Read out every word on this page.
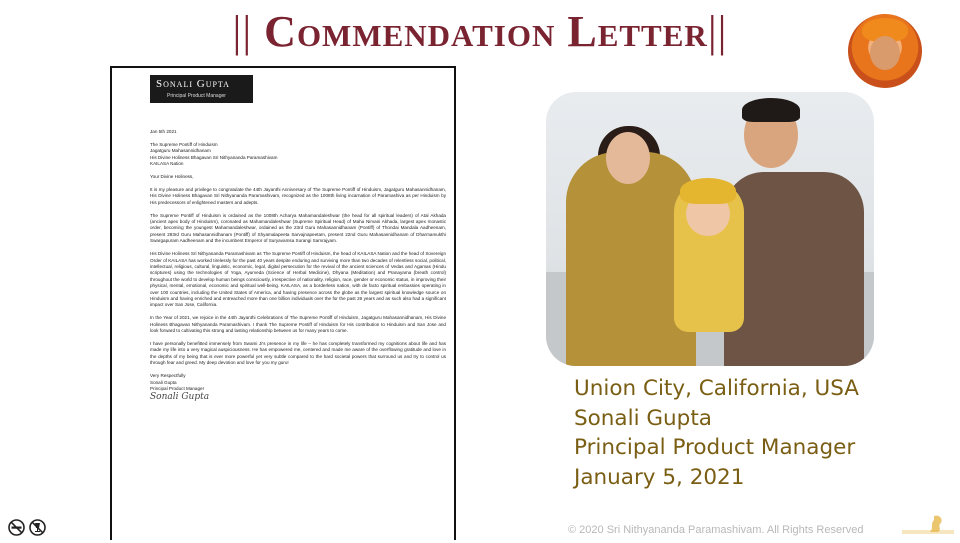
|| Commendation Letter||
Sonali Gupta
Principal Product Manager

Jan 5th 2021

The Supreme Pontiff of Hinduism
Jagatguru Mahasannidhanam
His Divine Holiness Bhagavan Sri Nithyananda Paramashivam
KAILASA Nation

Your Divine Holiness,

It is my pleasure and privilege to congratulate the 44th Jayanthi Anniversary of The Supreme Pontiff of Hinduism, Jagatguru Mahasannidhanam, His Divine Holiness Bhagavan Sri Nithyananda Paramashivam, recognized as the 1008th living incarnation of Paramashiva as per Hinduism by His predecessors of enlightened masters and adepts.

The Supreme Pontiff of Hinduism is ordained as the 1008th Acharya Mahamandaleshwar (the head for all spiritual leaders) of Atal Akhada (ancient apex body of Hinduism), coronated as Mahamandaleshwar (Supreme Spiritual Head) of Maha Nirvani Akhada, largest apex monastic order, becoming the youngest Mahamandaleshwar, ordained as the 23rd Guru Mahasannidhanam (Pontiff) of Thondai Mandala Aadheenam, present 293rd Guru Mahasannidhanam (Pontiff) of Shyamalapeeta Sarvajnapeetam, present 22nd Guru Mahasannidhanam of Dharmamukthi Swargapuram Aadheenam and the incumbent Emperor of Suryavamsa Surangi Samrajyam.

His Divine Holiness Sri Nithyananda Paramashivam as The Supreme Pontiff of Hinduism, the head of KAILASA Nation and the head of Sovereign Order of KAILASA has worked tirelessly for the past 40 years despite enduring and surviving more than two decades of relentless social, political, intellectual, religious, cultural, linguistic, economic, legal, digital persecution for the revival of the ancient sciences of Vedas and Agamas (Hindu scriptures) using the technologies of Yoga, Ayurveda (Science of Herbal Medicine), Dhyana (Meditation) and Pranayama (breath control) throughout the world to develop human beings consciously, irrespective of nationality, religion, race, gender or economic status, in improving their physical, mental, emotional, economic and spiritual well-being. KAILASA, as a borderless nation, with de facto spiritual embassies operating in over 100 countries, including the United States of America, and having presence across the globe as the largest spiritual knowledge source on Hinduism and having enriched and entreached more than one billion individuals over the for the past 26 years and as such also had a significant impact over San Jose, California.

In the Year of 2021, we rejoice in the 44th Jayanthi Celebrations of The Supreme Pontiff of Hinduism, Jagatguru Mahasannidhanam, His Divine Holiness Bhagavan Nithyananda Paramashivam. I thank The Supreme Pontiff of Hinduism for His contribution to Hinduism and San Jose and look forward to cultivating this strong and lasting relationship between us for many years to come.

I have personally benefitted immensely from Swami Ji's presence in my life – he has completely transformed my cognitions about life and has made my life into a very magical auspiciousness. He has empowered me, centered and made me aware of the overflowing gratitude and love in the depths of my being that is ever more powerful yet very subtle compared to the hard societal powers that surround us and try to control us through fear and greed. My deep devotion and love for you my guru!

Very Respectfully
Sonali Gupta
Principal Product Manager

Sonali Gupta	Union City, California, USA
Sonali Gupta
Principal Product Manager
January 5, 2021
© 2020 Sri Nithyananda Paramashivam. All Rights Reserved
